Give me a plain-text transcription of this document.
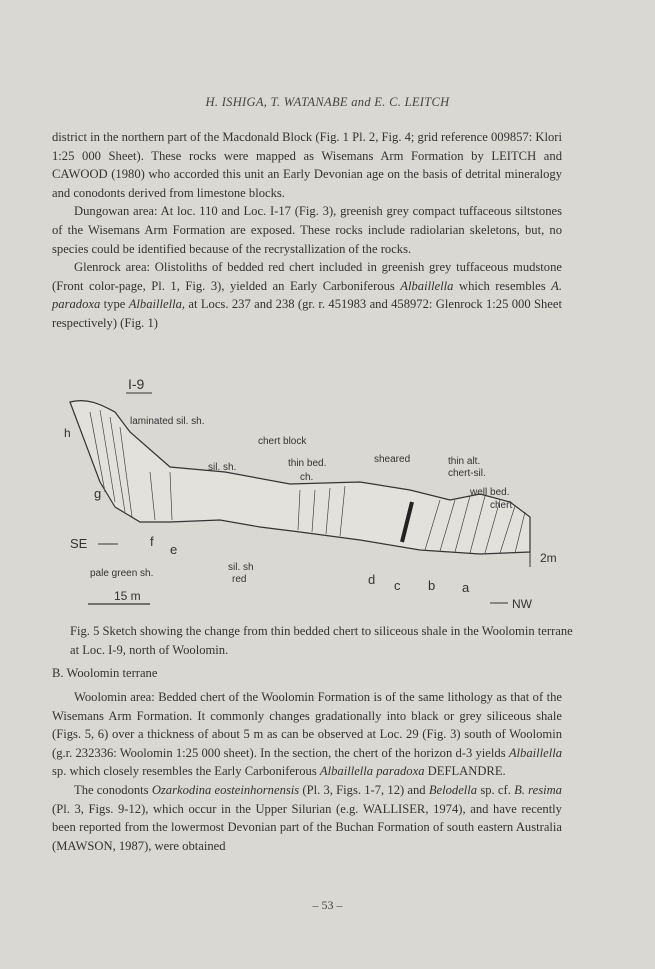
H. ISHIGA, T. WATANABE and E. C. LEITCH

district in the northern part of the Macdonald Block (Fig. 1 Pl. 2, Fig. 4; grid reference 009857: Klori 1:25 000 Sheet). These rocks were mapped as Wisemans Arm Formation by LEITCH and CAWOOD (1980) who accorded this unit an Early Devonian age on the basis of detrital mineralogy and conodonts derived from limestone blocks.

Dungowan area: At loc. 110 and Loc. I-17 (Fig. 3), greenish grey compact tuffaceous siltstones of the Wisemans Arm Formation are exposed. These rocks include radiolarian skeletons, but, no species could be identified because of the recrystallization of the rocks.

Glenrock area: Olistoliths of bedded red chert included in greenish grey tuffaceous mudstone (Front color-page, Pl. 1, Fig. 3), yielded an Early Carboniferous Albaillella which resembles A. paradoxa type Albaillella, at Locs. 237 and 238 (gr. r. 451983 and 458972: Glenrock 1:25 000 Sheet respectively) (Fig. 1)

I-9
laminated sil. sh.
h
sil. sh.
chert block
thin bed.
ch.
sheared	thin alt.
chert-sil.
well bed.
chert
g
SE	f
e
pale green sh.
sil. sh
red	d c b a
15 m
2m
NW
Fig. 5 Sketch showing the change from thin bedded chert to siliceous shale in the Woolomin terrane at Loc. I-9, north of Woolomin.
B. Woolomin terrane

Woolomin area: Bedded chert of the Woolomin Formation is of the same lithology as that of the Wisemans Arm Formation. It commonly changes gradationally into black or grey siliceous shale (Figs. 5, 6) over a thickness of about 5 m as can be observed at Loc. 29 (Fig. 3) south of Woolomin (g.r. 232336: Woolomin 1:25 000 sheet). In the section, the chert of the horizon d-3 yields Albaillella sp. which closely resembles the Early Carboniferous Albaillella paradoxa DEFLANDRE.

The conodonts Ozarkodina eosteinhornensis (Pl. 3, Figs. 1-7, 12) and Belodella sp. cf. B. resima (Pl. 3, Figs. 9-12), which occur in the Upper Silurian (e.g. WALLISER, 1974), and have recently been reported from the lowermost Devonian part of the Buchan Formation of south eastern Australia (MAWSON, 1987), were obtained

– 53 –
